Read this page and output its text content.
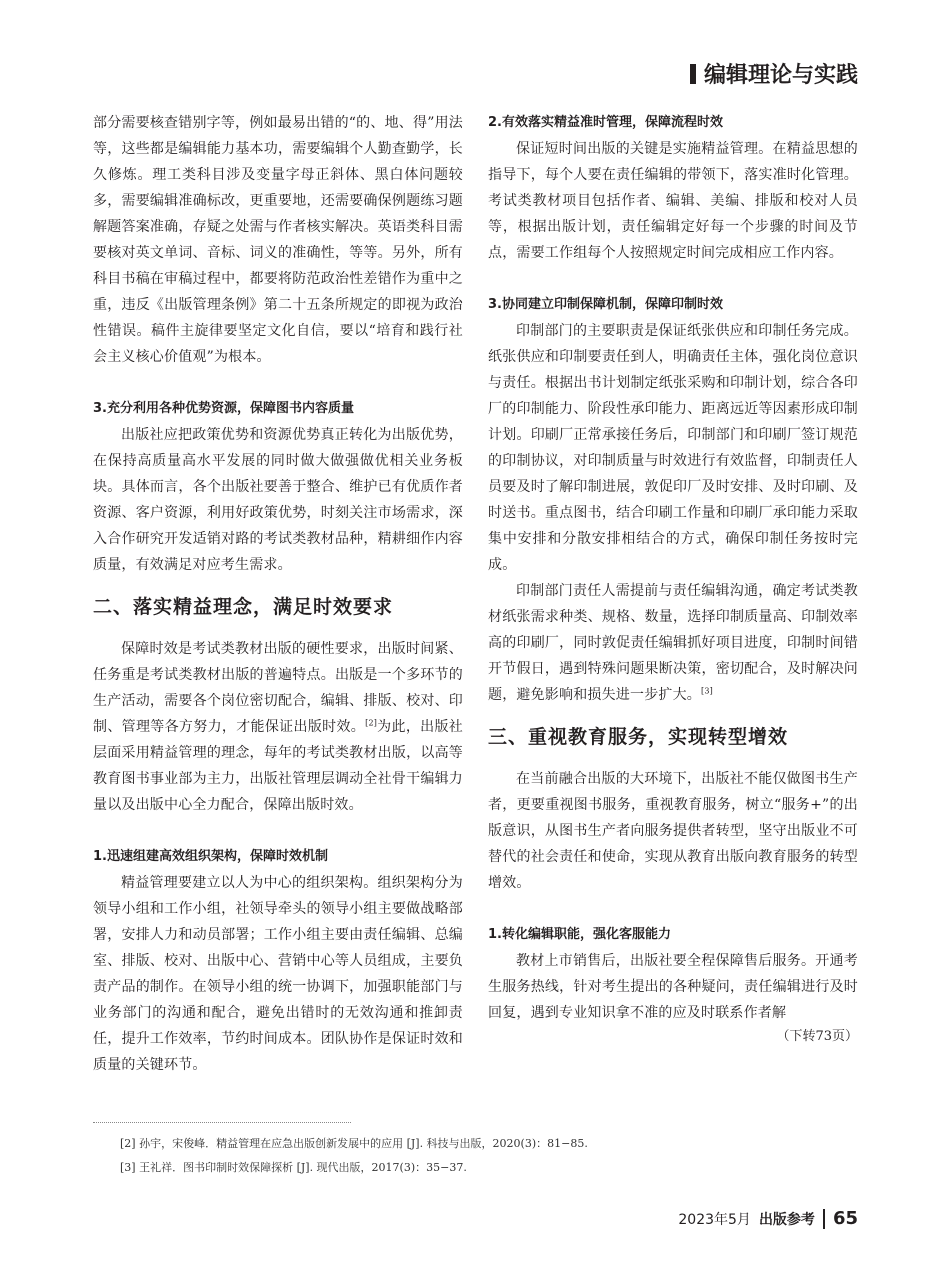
编辑理论与实践

部分需要核查错别字等，例如最易出错的“的、地、得”用法等，这些都是编辑能力基本功，需要编辑个人勤查勤学，长久修炼。理工类科目涉及变量字母正斜体、黑白体问题较多，需要编辑准确标改，更重要地，还需要确保例题练习题解题答案准确，存疑之处需与作者核实解决。英语类科目需要核对英文单词、音标、词义的准确性，等等。另外，所有科目书稿在审稿过程中，都要将防范政治性差错作为重中之重，违反《出版管理条例》第二十五条所规定的即视为政治性错误。稿件主旋律要坚定文化自信，要以“培育和践行社会主义核心价值观”为根本。

3.充分利用各种优势资源，保障图书内容质量

出版社应把政策优势和资源优势真正转化为出版优势，在保持高质量高水平发展的同时做大做强做优相关业务板块。具体而言，各个出版社要善于整合、维护已有优质作者资源、客户资源，利用好政策优势，时刻关注市场需求，深入合作研究开发适销对路的考试类教材品种，精耕细作内容质量，有效满足对应考生需求。

二、落实精益理念，满足时效要求

保障时效是考试类教材出版的硬性要求，出版时间紧、任务重是考试类教材出版的普遍特点。出版是一个多环节的生产活动，需要各个岗位密切配合，编辑、排版、校对、印制、管理等各方努力，才能保证出版时效。[2]为此，出版社层面采用精益管理的理念，每年的考试类教材出版，以高等教育图书事业部为主力，出版社管理层调动全社骨干编辑力量以及出版中心全力配合，保障出版时效。

1.迅速组建高效组织架构，保障时效机制

精益管理要建立以人为中心的组织架构。组织架构分为领导小组和工作小组，社领导牵头的领导小组主要做战略部署，安排人力和动员部署；工作小组主要由责任编辑、总编室、排版、校对、出版中心、营销中心等人员组成，主要负责产品的制作。在领导小组的统一协调下，加强职能部门与业务部门的沟通和配合，避免出错时的无效沟通和推卸责任，提升工作效率，节约时间成本。团队协作是保证时效和质量的关键环节。

2.有效落实精益准时管理，保障流程时效

保证短时间出版的关键是实施精益管理。在精益思想的指导下，每个人要在责任编辑的带领下，落实准时化管理。考试类教材项目包括作者、编辑、美编、排版和校对人员等，根据出版计划，责任编辑定好每一个步骤的时间及节点，需要工作组每个人按照规定时间完成相应工作内容。

3.协同建立印制保障机制，保障印制时效

印制部门的主要职责是保证纸张供应和印制任务完成。纸张供应和印制要责任到人，明确责任主体，强化岗位意识与责任。根据出书计划制定纸张采购和印制计划，综合各印厂的印制能力、阶段性承印能力、距离远近等因素形成印制计划。印刷厂正常承接任务后，印制部门和印刷厂签订规范的印制协议，对印制质量与时效进行有效监督，印制责任人员要及时了解印制进展，敦促印厂及时安排、及时印刷、及时送书。重点图书，结合印刷工作量和印刷厂承印能力采取集中安排和分散安排相结合的方式，确保印制任务按时完成。

印制部门责任人需提前与责任编辑沟通，确定考试类教材纸张需求种类、规格、数量，选择印制质量高、印制效率高的印刷厂，同时敦促责任编辑抓好项目进度，印制时间错开节假日，遇到特殊问题果断决策，密切配合，及时解决问题，避免影响和损失进一步扩大。[3]

三、重视教育服务，实现转型增效

在当前融合出版的大环境下，出版社不能仅做图书生产者，更要重视图书服务，重视教育服务，树立“服务+”的出版意识，从图书生产者向服务提供者转型，坚守出版业不可替代的社会责任和使命，实现从教育出版向教育服务的转型增效。

1.转化编辑职能，强化客服能力

教材上市销售后，出版社要全程保障售后服务。开通考生服务热线，针对考生提出的各种疑问，责任编辑进行及时回复，遇到专业知识拿不准的应及时联系作者解

（下转73页）

[2] 孙宇，宋俊峰．精益管理在应急出版创新发展中的应用 [J]. 科技与出版，2020(3)：81−85.

[3] 王礼祥．图书印制时效保障探析 [J]. 现代出版，2017(3)：35−37.

2023年5月 出版参考 65
